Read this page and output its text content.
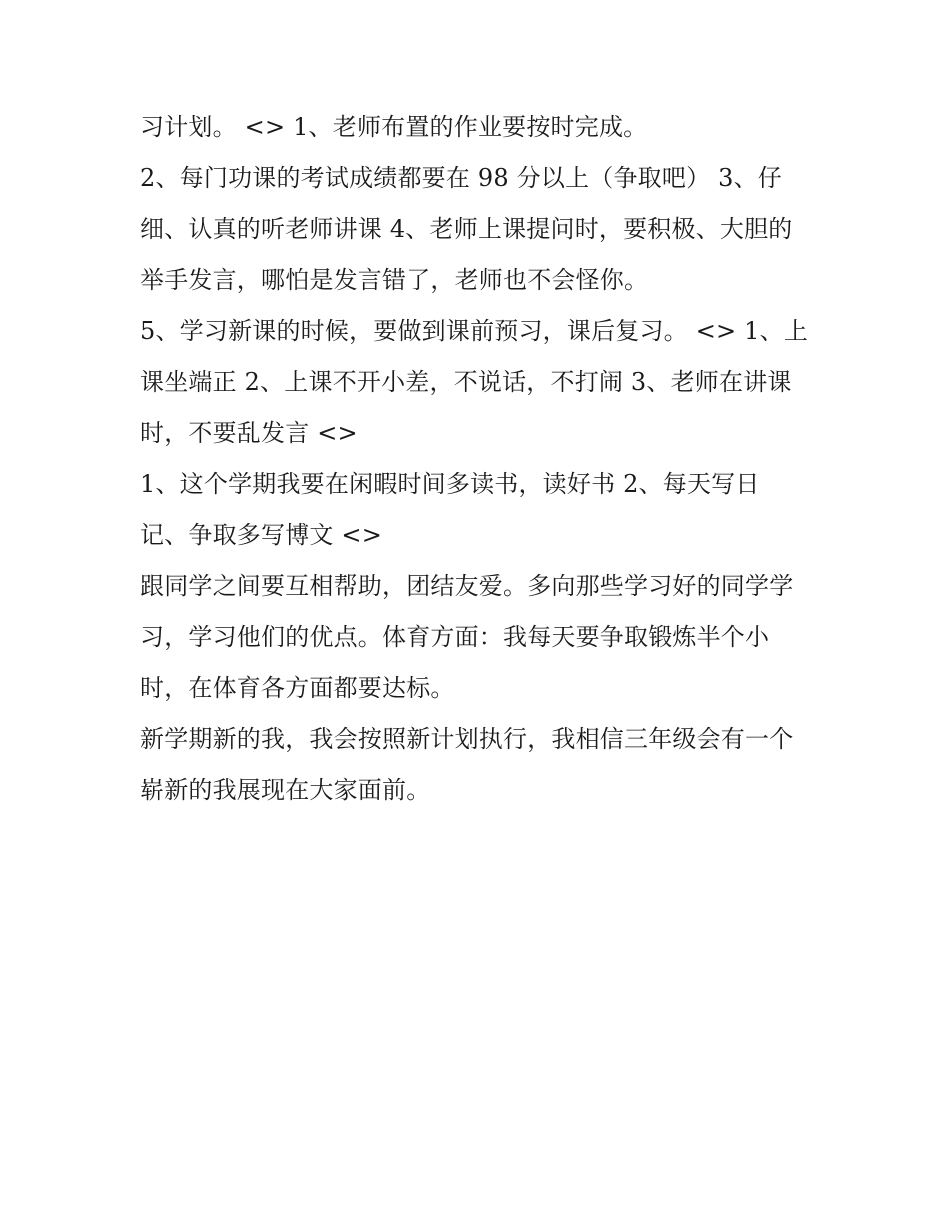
习计划。 <> 1、老师布置的作业要按时完成。
2、每门功课的考试成绩都要在 98 分以上（争取吧） 3、仔
细、认真的听老师讲课 4、老师上课提问时，要积极、大胆的
举手发言，哪怕是发言错了，老师也不会怪你。
5、学习新课的时候，要做到课前预习，课后复习。 <> 1、上
课坐端正 2、上课不开小差，不说话，不打闹 3、老师在讲课
时，不要乱发言 <>
1、这个学期我要在闲暇时间多读书，读好书 2、每天写日
记、争取多写博文 <>
跟同学之间要互相帮助，团结友爱。多向那些学习好的同学学
习，学习他们的优点。体育方面：我每天要争取锻炼半个小
时，在体育各方面都要达标。
新学期新的我，我会按照新计划执行，我相信三年级会有一个
崭新的我展现在大家面前。
